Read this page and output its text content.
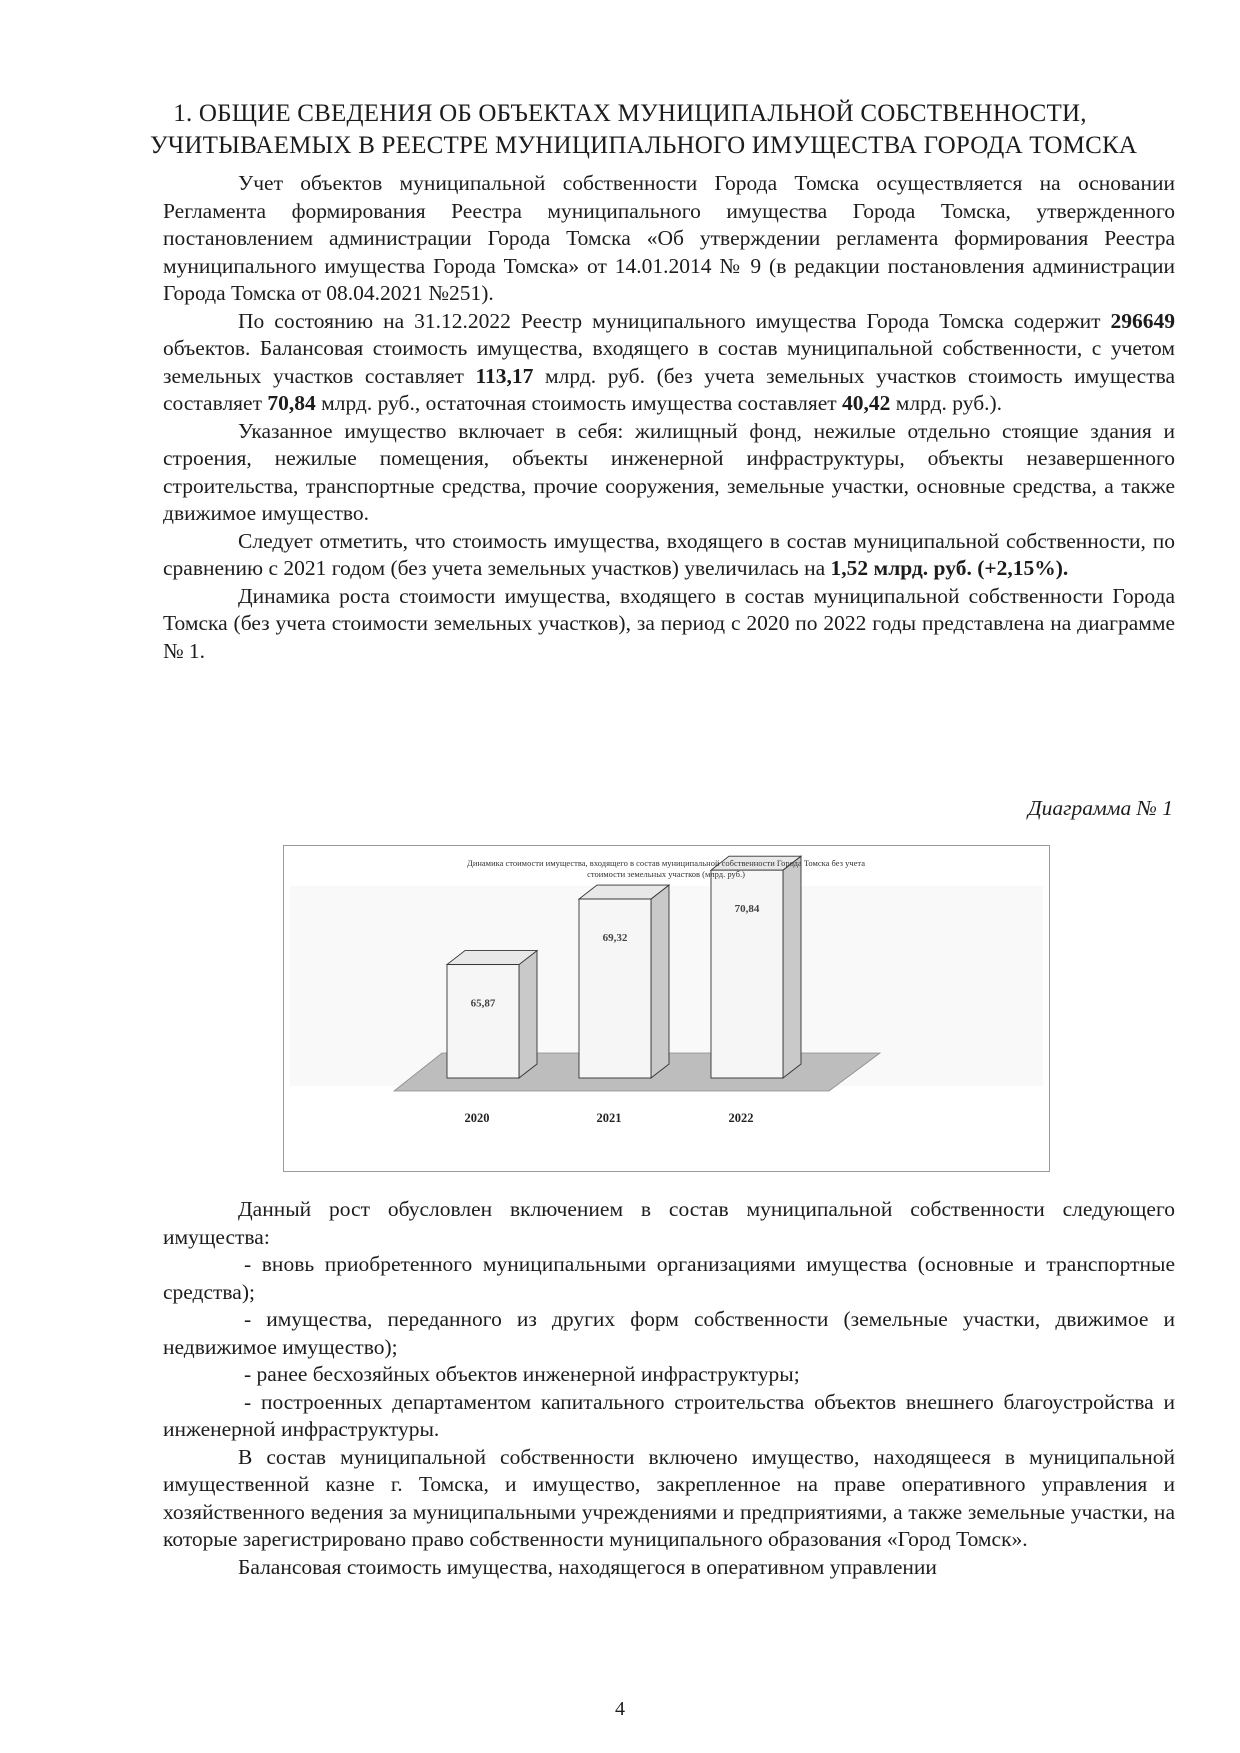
1. ОБЩИЕ СВЕДЕНИЯ ОБ ОБЪЕКТАХ МУНИЦИПАЛЬНОЙ СОБСТВЕННОСТИ,
УЧИТЫВАЕМЫХ В РЕЕСТРЕ МУНИЦИПАЛЬНОГО ИМУЩЕСТВА ГОРОДА ТОМСКА

Учет объектов муниципальной собственности Города Томска осуществляется на основании Регламента формирования Реестра муниципального имущества Города Томска, утвержденного постановлением администрации Города Томска «Об утверждении регламента формирования Реестра муниципального имущества Города Томска» от 14.01.2014 № 9 (в редакции постановления администрации Города Томска от 08.04.2021 №251).

По состоянию на 31.12.2022 Реестр муниципального имущества Города Томска содержит 296649 объектов. Балансовая стоимость имущества, входящего в состав муниципальной собственности, с учетом земельных участков составляет 113,17 млрд. руб. (без учета земельных участков стоимость имущества составляет 70,84 млрд. руб., остаточная стоимость имущества составляет 40,42 млрд. руб.).

Указанное имущество включает в себя: жилищный фонд, нежилые отдельно стоящие здания и строения, нежилые помещения, объекты инженерной инфраструктуры, объекты незавершенного строительства, транспортные средства, прочие сооружения, земельные участки, основные средства, а также движимое имущество.

Следует отметить, что стоимость имущества, входящего в состав муниципальной собственности, по сравнению с 2021 годом (без учета земельных участков) увеличилась на 1,52 млрд. руб. (+2,15%).

Динамика роста стоимости имущества, входящего в состав муниципальной собственности Города Томска (без учета стоимости земельных участков), за период с 2020 по 2022 годы представлена на диаграмме № 1.

Диаграмма № 1
65,87
2020
69,32
2021
70,84
2022
Динамика стоимости имущества, входящего в состав муниципальной собственности Города Томска без учета
стоимости земельных участков (млрд. руб.)

Данный рост обусловлен включением в состав муниципальной собственности следующего имущества:

- вновь приобретенного муниципальными организациями имущества (основные и транспортные средства);

- имущества, переданного из других форм собственности (земельные участки, движимое и недвижимое имущество);

- ранее бесхозяйных объектов инженерной инфраструктуры;

- построенных департаментом капитального строительства объектов внешнего благоустройства и инженерной инфраструктуры.

В состав муниципальной собственности включено имущество, находящееся в муниципальной имущественной казне г. Томска, и имущество, закрепленное на праве оперативного управления и хозяйственного ведения за муниципальными учреждениями и предприятиями, а также земельные участки, на которые зарегистрировано право собственности муниципального образования «Город Томск».

Балансовая стоимость имущества, находящегося в оперативном управлении

4
